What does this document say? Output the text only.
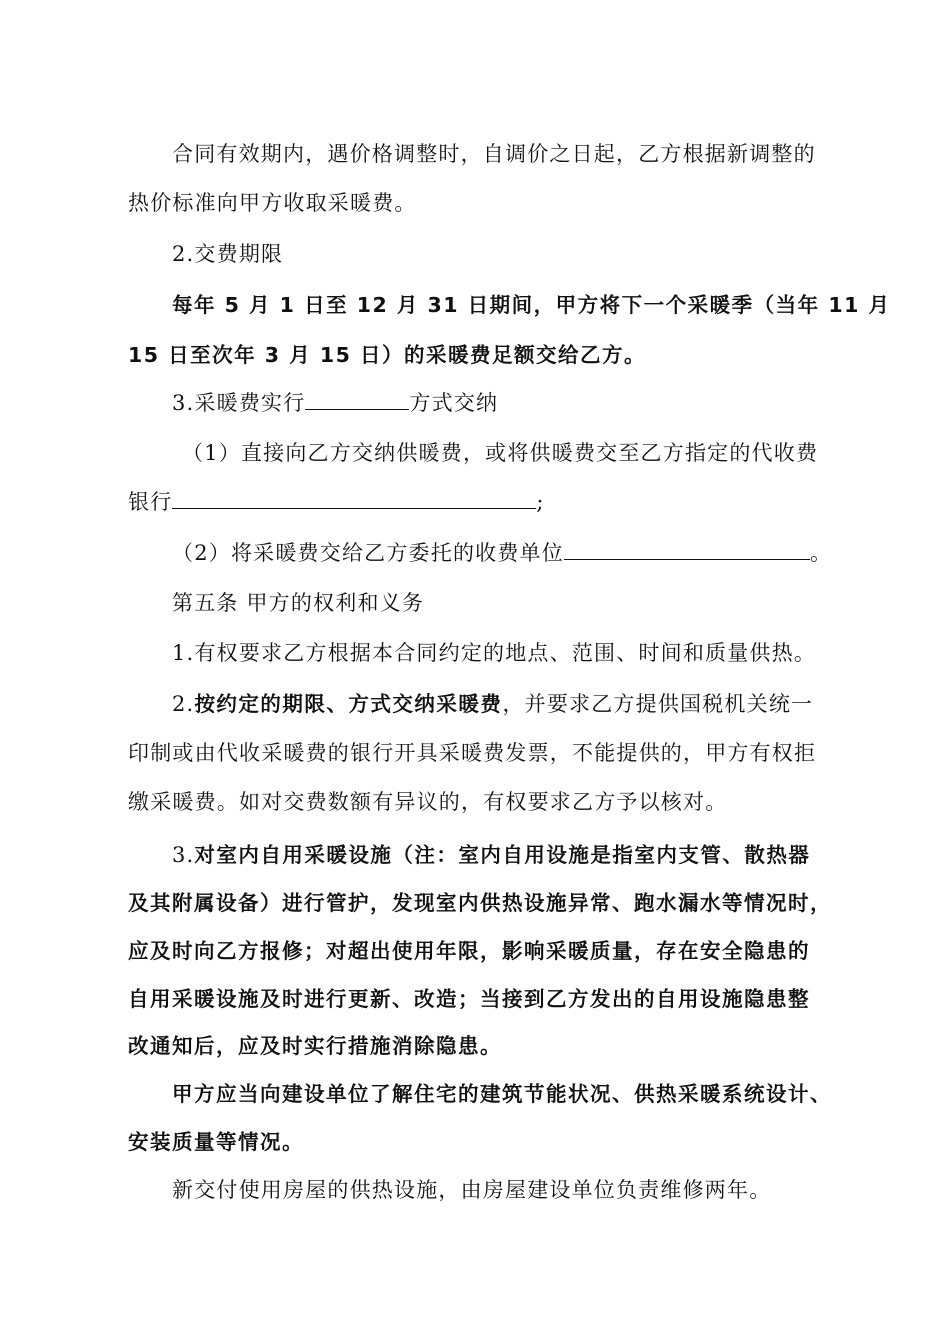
合同有效期内，遇价格调整时，自调价之日起，乙方根据新调整的
热价标准向甲方收取采暖费。
2.交费期限
每年 5 月 1 日至 12 月 31 日期间，甲方将下一个采暖季（当年 11 月
15 日至次年 3 月 15 日）的采暖费足额交给乙方。
3.采暖费实行	方式交纳
（1）直接向乙方交纳供暖费，或将供暖费交至乙方指定的代收费
银行	;
（2）将采暖费交给乙方委托的收费单位	。
第五条 甲方的权利和义务
1.有权要求乙方根据本合同约定的地点、范围、时间和质量供热。
2.按约定的期限、方式交纳采暖费，并要求乙方提供国税机关统一
印制或由代收采暖费的银行开具采暖费发票，不能提供的，甲方有权拒
缴采暖费。如对交费数额有异议的，有权要求乙方予以核对。
3.对室内自用采暖设施（注：室内自用设施是指室内支管、散热器
及其附属设备）进行管护，发现室内供热设施异常、跑水漏水等情况时，
应及时向乙方报修；对超出使用年限，影响采暖质量，存在安全隐患的
自用采暖设施及时进行更新、改造；当接到乙方发出的自用设施隐患整
改通知后，应及时实行措施消除隐患。
甲方应当向建设单位了解住宅的建筑节能状况、供热采暖系统设计、
安装质量等情况。
新交付使用房屋的供热设施，由房屋建设单位负责维修两年。
